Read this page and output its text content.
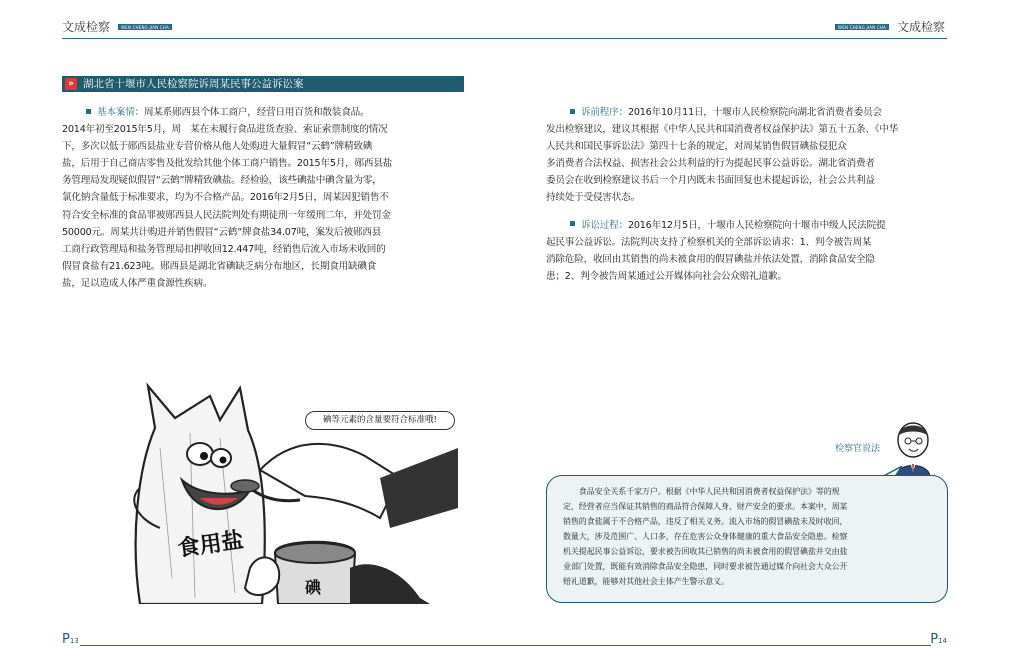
文成检察	WEN CHENG JIAN CHA	WEN CHENG JIAN CHA 文成检察
» 湖北省十堰市人民检察院诉周某民事公益诉讼案
基本案情：周某系郧西县个体工商户，经营日用百货和散装食品。
2014年初至2015年5月，周　某在未履行食品进货查验、索证索票制度的情况
下，多次以低于郧西县盐业专营价格从他人处购进大量假冒“云鹤”牌精致碘
盐，后用于自己商店零售及批发给其他个体工商户销售。2015年5月，郧西县盐
务管理局发现疑似假冒“云鹤”牌精致碘盐。经检验，该些碘盐中碘含量为零，
氯化钠含量低于标准要求，均为不合格产品。2016年2月5日，周某因犯销售不
符合安全标准的食品罪被郧西县人民法院判处有期徒刑一年缓刑二年，并处罚金
50000元。周某共计购进并销售假冒“云鹤”牌食盐34.07吨，案发后被郧西县
工商行政管理局和盐务管理局扣押收回12.447吨，经销售后流入市场未收回的
假冒食盐有21.623吨。郧西县是湖北省碘缺乏病分布地区，长期食用缺碘食
盐，足以造成人体严重食源性疾病。
诉前程序：2016年10月11日，十堰市人民检察院向湖北省消费者委员会
发出检察建议，建议其根据《中华人民共和国消费者权益保护法》第五十五条、《中华
人民共和国民事诉讼法》第四十七条的规定，对周某销售假冒碘盐侵犯众
多消费者合法权益、损害社会公共利益的行为提起民事公益诉讼。湖北省消费者
委员会在收到检察建议书后一个月内既未书面回复也未提起诉讼，社会公共利益
持续处于受侵害状态。
诉讼过程：2016年12月5日，十堰市人民检察院向十堰市中级人民法院提
起民事公益诉讼。法院判决支持了检察机关的全部诉讼请求：1、判令被告周某
消除危险，收回由其销售的尚未被食用的假冒碘盐并依法处置，消除食品安全隐
患；2、判令被告周某通过公开媒体向社会公众赔礼道歉。
食用盐
碘
碘等元素的含量要符合标准哦!
检察官说法
　　食品安全关系千家万户。根据《中华人民共和国消费者权益保护法》等的规
定，经营者应当保证其销售的商品符合保障人身、财产安全的要求。本案中，周某
销售的食盐属于不合格产品，违反了相关义务。流入市场的假冒碘盐未及时收回，
数量大，涉及范围广、人口多，存在危害公众身体健康的重大食品安全隐患。检察
机关提起民事公益诉讼，要求被告回收其已销售的尚未被食用的假冒碘盐并交由盐
业部门处置，既能有效消除食品安全隐患，同时要求被告通过媒介向社会大众公开
赔礼道歉，能够对其他社会主体产生警示意义。
P13	P14
